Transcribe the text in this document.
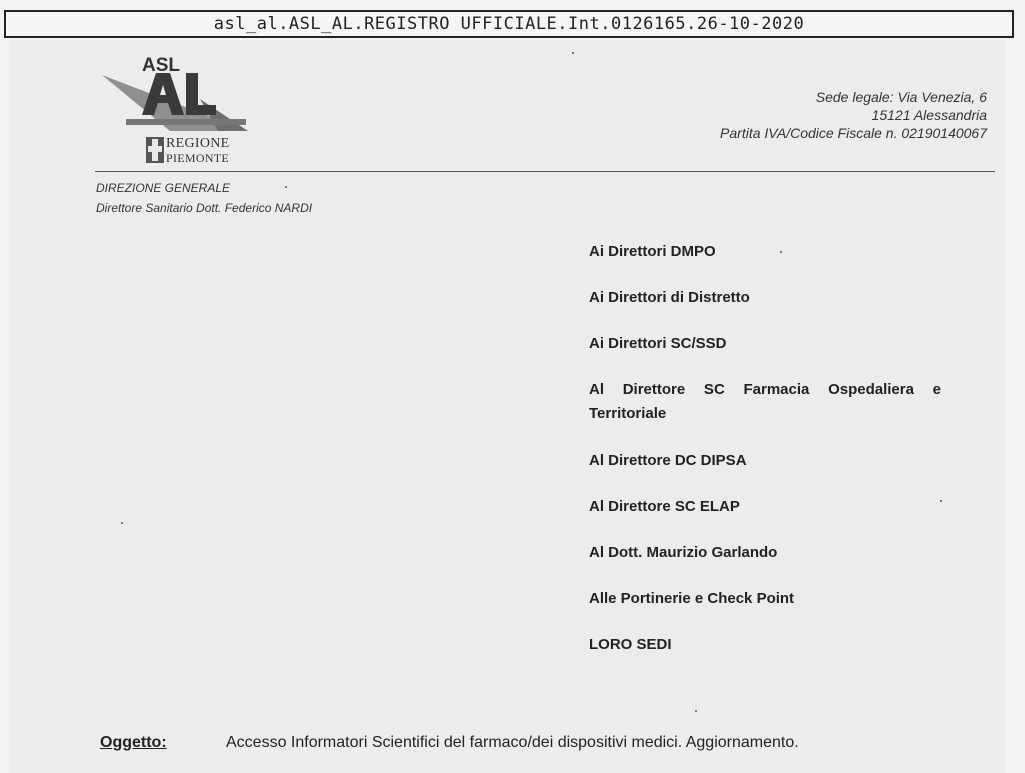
asl_al.ASL_AL.REGISTRO UFFICIALE.Int.0126165.26-10-2020
ASL
REGIONE
PIEMONTE
Sede legale: Via Venezia, 6
15121 Alessandria
Partita IVA/Codice Fiscale n. 02190140067
DIREZIONE GENERALE
Direttore Sanitario Dott. Federico NARDI
Ai Direttori DMPO
Ai Direttori di Distretto
Ai Direttori SC/SSD
Al Direttore SC Farmacia Ospedaliera e Territoriale
Al Direttore DC DIPSA
Al Direttore SC ELAP
Al Dott. Maurizio Garlando
Alle Portinerie e Check Point
LORO SEDI
Oggetto:	Accesso Informatori Scientifici del farmaco/dei dispositivi medici. Aggiornamento.
